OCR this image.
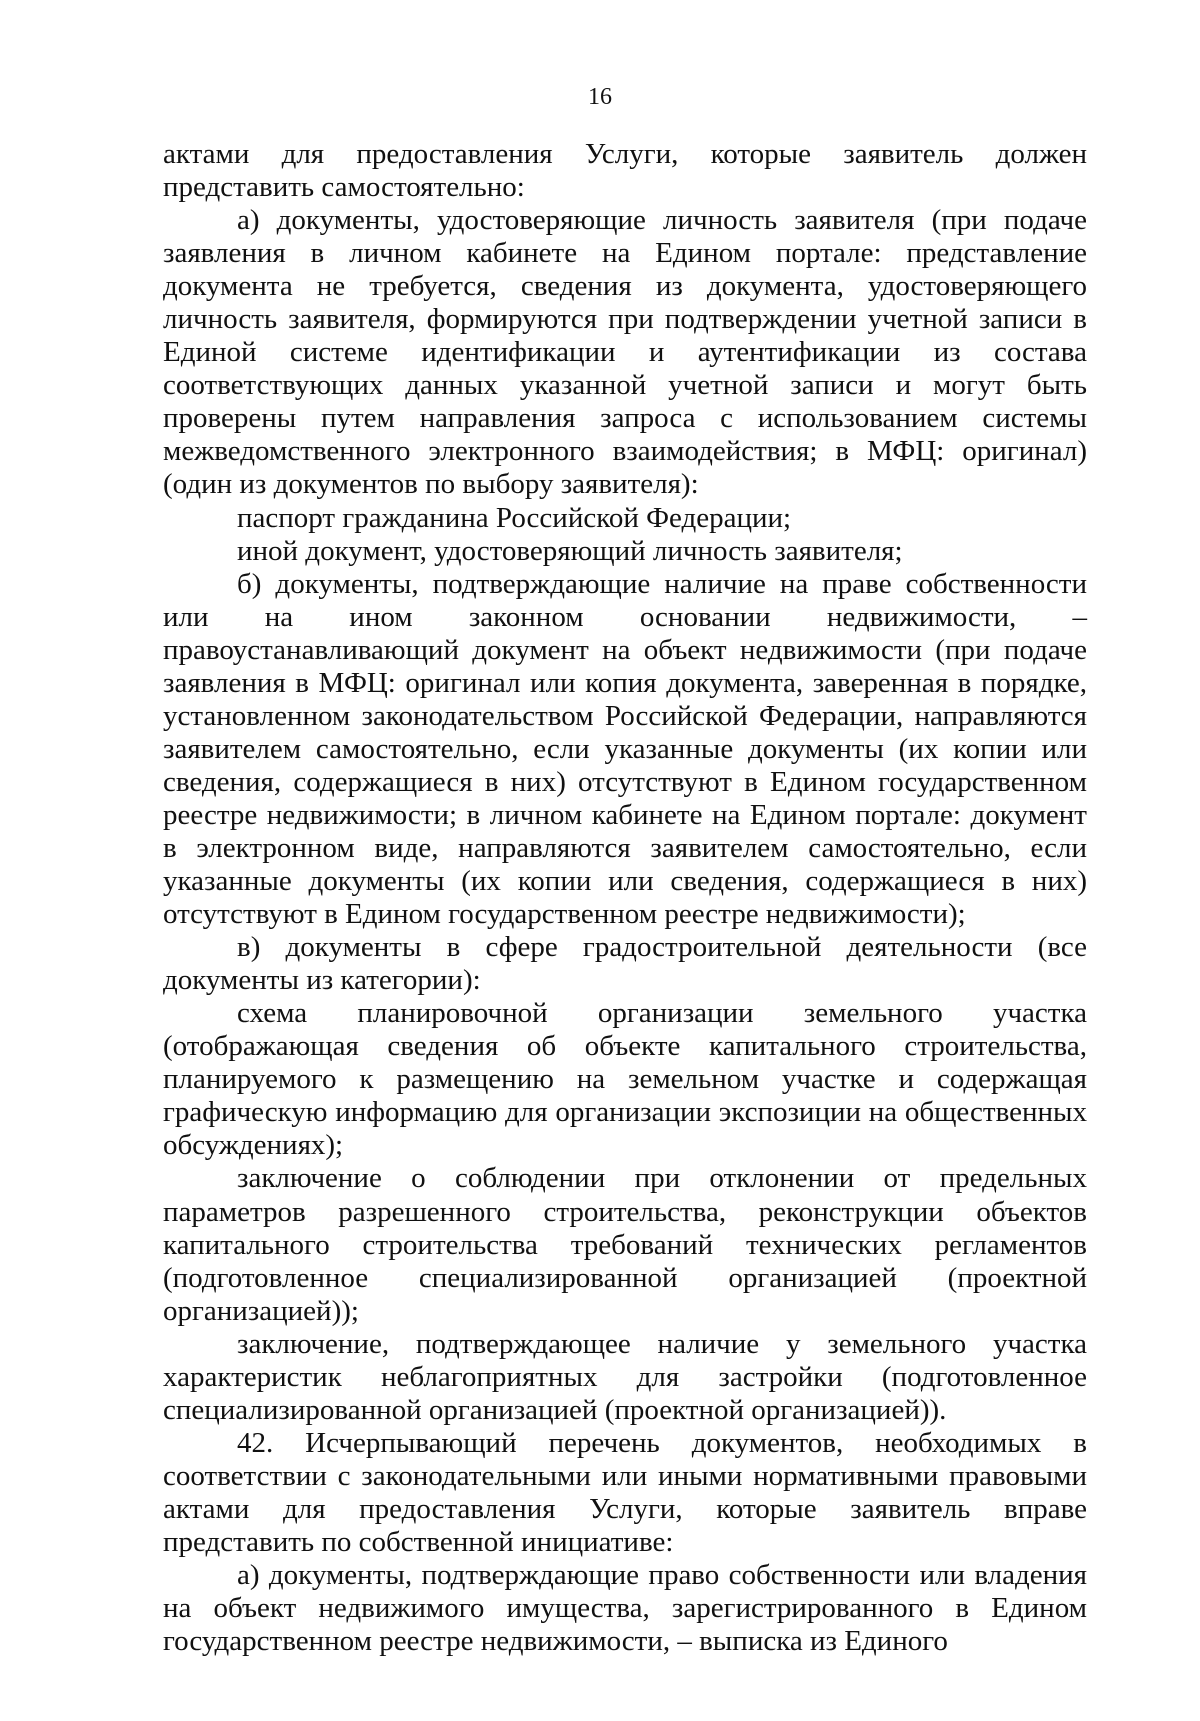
16

актами для предоставления Услуги, которые заявитель должен представить самостоятельно:

а) документы, удостоверяющие личность заявителя (при подаче заявления в личном кабинете на Едином портале: представление документа не требуется, сведения из документа, удостоверяющего личность заявителя, формируются при подтверждении учетной записи в Единой системе идентификации и аутентификации из состава соответствующих данных указанной учетной записи и могут быть проверены путем направления запроса с использованием системы межведомственного электронного взаимодействия; в МФЦ: оригинал) (один из документов по выбору заявителя):

паспорт гражданина Российской Федерации;

иной документ, удостоверяющий личность заявителя;

б) документы, подтверждающие наличие на праве собственности или на ином законном основании недвижимости, – правоустанавливающий документ на объект недвижимости (при подаче заявления в МФЦ: оригинал или копия документа, заверенная в порядке, установленном законодательством Российской Федерации, направляются заявителем самостоятельно, если указанные документы (их копии или сведения, содержащиеся в них) отсутствуют в Едином государственном реестре недвижимости; в личном кабинете на Едином портале: документ в электронном виде, направляются заявителем самостоятельно, если указанные документы (их копии или сведения, содержащиеся в них) отсутствуют в Едином государственном реестре недвижимости);

в) документы в сфере градостроительной деятельности (все документы из категории):

схема планировочной организации земельного участка (отображающая сведения об объекте капитального строительства, планируемого к размещению на земельном участке и содержащая графическую информацию для организации экспозиции на общественных обсуждениях);

заключение о соблюдении при отклонении от предельных параметров разрешенного строительства, реконструкции объектов капитального строительства требований технических регламентов (подготовленное специализированной организацией (проектной организацией));

заключение, подтверждающее наличие у земельного участка характеристик неблагоприятных для застройки (подготовленное специализированной организацией (проектной организацией)).

42. Исчерпывающий перечень документов, необходимых в соответствии с законодательными или иными нормативными правовыми актами для предоставления Услуги, которые заявитель вправе представить по собственной инициативе:

а) документы, подтверждающие право собственности или владения на объект недвижимого имущества, зарегистрированного в Едином государственном реестре недвижимости, – выписка из Единого
